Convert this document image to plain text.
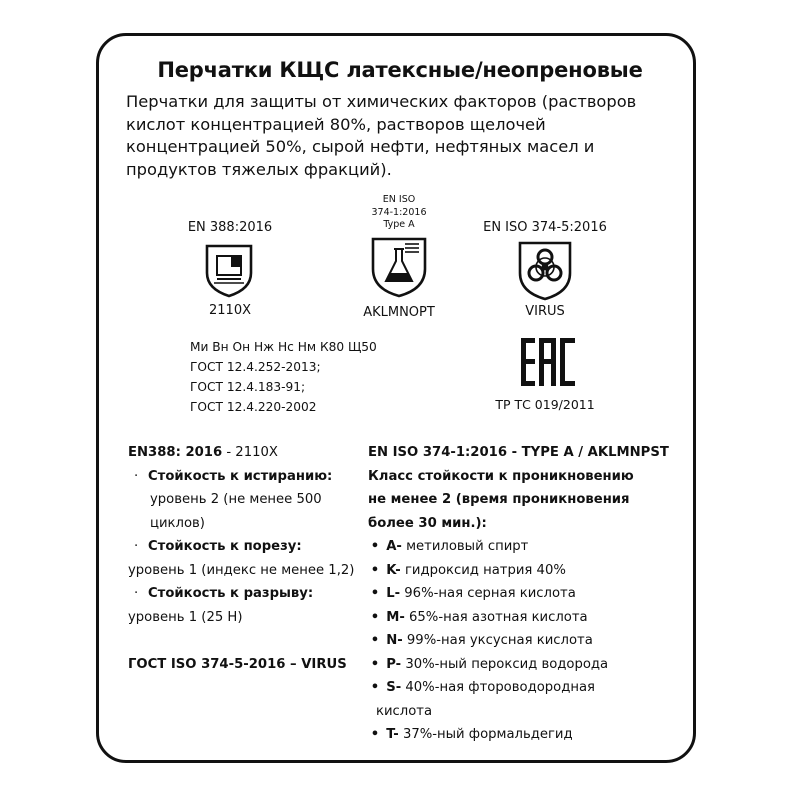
Перчатки КЩС латексные/неопреновые
Перчатки для защиты от химических факторов (растворов
кислот концентрацией 80%, растворов щелочей
концентрацией 50%, сырой нефти, нефтяных масел и
продуктов тяжелых фракций).
EN 388:2016
2110X
EN ISO
374-1:2016
Type A
AKLMNOPT
EN ISO 374-5:2016
VIRUS
Ми Вн Он Нж Нс Нм К80 Щ50
ГОСТ 12.4.252-2013;
ГОСТ 12.4.183-91;
ГОСТ 12.4.220-2002	ТР ТС 019/2011
EN388: 2016 - 2110X
· Стойкость к истиранию:
уровень 2 (не менее 500
циклов)
· Стойкость к порезу:
уровень 1 (индекс не менее 1,2)
· Стойкость к разрыву:
уровень 1 (25 Н)
ГОСТ ISO 374-5-2016 – VIRUS
EN ISO 374-1:2016 - TYPE A / AKLMNPST
Класс стойкости к проникновению
не менее 2 (время проникновения
более 30 мин.):
• A- метиловый спирт
• K- гидроксид натрия 40%
• L- 96%-ная серная кислота
• M- 65%-ная азотная кислота
• N- 99%-ная уксусная кислота
• P- 30%-ный пероксид водорода
• S- 40%-ная фтороводородная
кислота
• T- 37%-ный формальдегид
